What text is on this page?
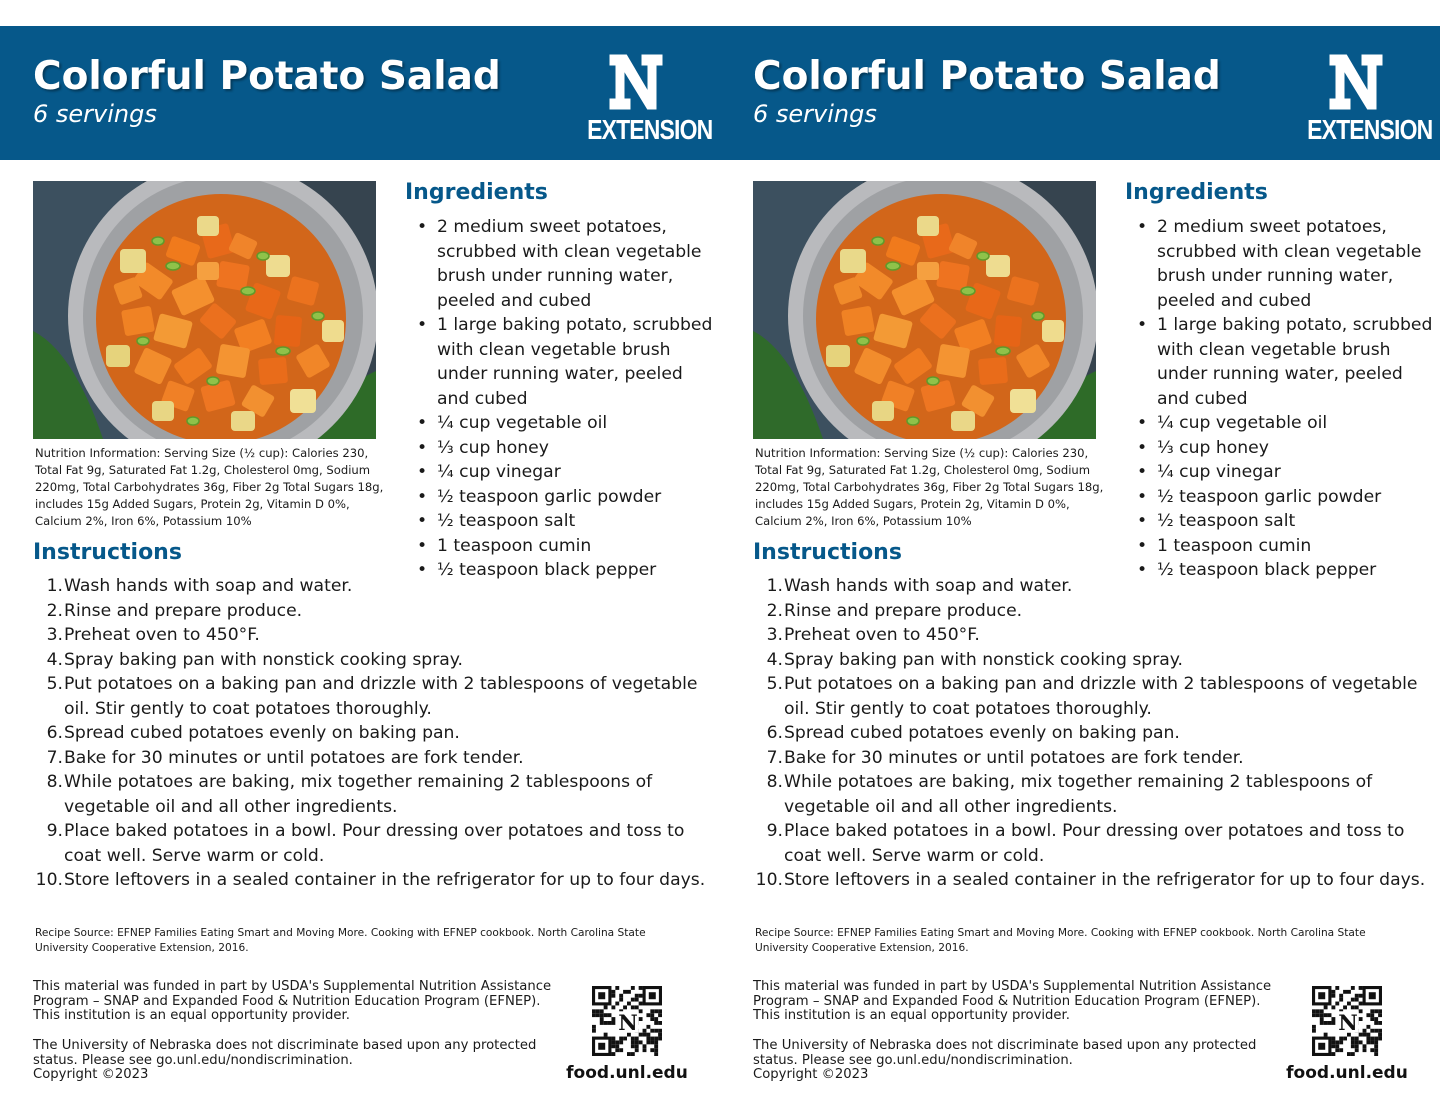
Colorful Potato Salad
6 servings	EXTENSION
Nutrition Information: Serving Size (½ cup): Calories 230, Total Fat 9g, Saturated Fat 1.2g, Cholesterol 0mg, Sodium 220mg, Total Carbohydrates 36g, Fiber 2g Total Sugars 18g, includes 15g Added Sugars, Protein 2g, Vitamin D 0%, Calcium 2%, Iron 6%, Potassium 10%
Ingredients
• 2 medium sweet potatoes, scrubbed with clean vegetable brush under running water, peeled and cubed
• 1 large baking potato, scrubbed with clean vegetable brush under running water, peeled and cubed
• ¼ cup vegetable oil
• ⅓ cup honey
• ¼ cup vinegar
• ½ teaspoon garlic powder
• ½ teaspoon salt
• 1 teaspoon cumin
• ½ teaspoon black pepper
Instructions
1. Wash hands with soap and water.
2. Rinse and prepare produce.
3. Preheat oven to 450°F.
4. Spray baking pan with nonstick cooking spray.
5. Put potatoes on a baking pan and drizzle with 2 tablespoons of vegetable oil. Stir gently to coat potatoes thoroughly.
6. Spread cubed potatoes evenly on baking pan.
7. Bake for 30 minutes or until potatoes are fork tender.
8. While potatoes are baking, mix together remaining 2 tablespoons of vegetable oil and all other ingredients.
9. Place baked potatoes in a bowl. Pour dressing over potatoes and toss to coat well. Serve warm or cold.
10. Store leftovers in a sealed container in the refrigerator for up to four days.
Recipe Source: EFNEP Families Eating Smart and Moving More. Cooking with EFNEP cookbook. North Carolina State University Cooperative Extension, 2016.
This material was funded in part by USDA's Supplemental Nutrition Assistance Program – SNAP and Expanded Food & Nutrition Education Program (EFNEP). This institution is an equal opportunity provider.
The University of Nebraska does not discriminate based upon any protected status. Please see go.unl.edu/nondiscrimination.
Copyright ©2023
N
food.unl.edu
Colorful Potato Salad
6 servings	EXTENSION
Nutrition Information: Serving Size (½ cup): Calories 230, Total Fat 9g, Saturated Fat 1.2g, Cholesterol 0mg, Sodium 220mg, Total Carbohydrates 36g, Fiber 2g Total Sugars 18g, includes 15g Added Sugars, Protein 2g, Vitamin D 0%, Calcium 2%, Iron 6%, Potassium 10%
Ingredients
• 2 medium sweet potatoes, scrubbed with clean vegetable brush under running water, peeled and cubed
• 1 large baking potato, scrubbed with clean vegetable brush under running water, peeled and cubed
• ¼ cup vegetable oil
• ⅓ cup honey
• ¼ cup vinegar
• ½ teaspoon garlic powder
• ½ teaspoon salt
• 1 teaspoon cumin
• ½ teaspoon black pepper
Instructions
1. Wash hands with soap and water.
2. Rinse and prepare produce.
3. Preheat oven to 450°F.
4. Spray baking pan with nonstick cooking spray.
5. Put potatoes on a baking pan and drizzle with 2 tablespoons of vegetable oil. Stir gently to coat potatoes thoroughly.
6. Spread cubed potatoes evenly on baking pan.
7. Bake for 30 minutes or until potatoes are fork tender.
8. While potatoes are baking, mix together remaining 2 tablespoons of vegetable oil and all other ingredients.
9. Place baked potatoes in a bowl. Pour dressing over potatoes and toss to coat well. Serve warm or cold.
10. Store leftovers in a sealed container in the refrigerator for up to four days.
Recipe Source: EFNEP Families Eating Smart and Moving More. Cooking with EFNEP cookbook. North Carolina State University Cooperative Extension, 2016.
This material was funded in part by USDA's Supplemental Nutrition Assistance Program – SNAP and Expanded Food & Nutrition Education Program (EFNEP). This institution is an equal opportunity provider.
The University of Nebraska does not discriminate based upon any protected status. Please see go.unl.edu/nondiscrimination.
Copyright ©2023
N
food.unl.edu
